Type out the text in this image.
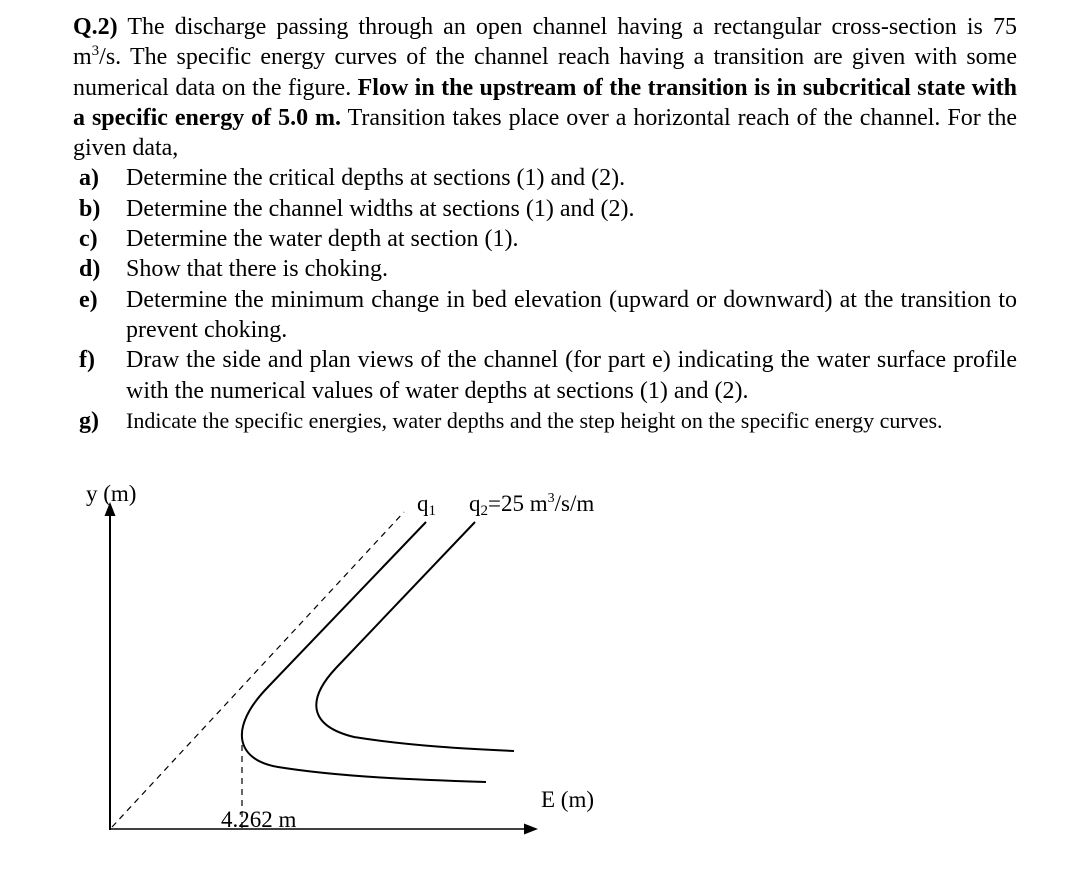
Q.2) The discharge passing through an open channel having a rectangular cross-section is 75 $m^3/s$. The specific energy curves of the channel reach having a transition are given with some numerical data on the figure. Flow in the upstream of the transition is in subcritical state with a specific energy of 5.0 m. Transition takes place over a horizontal reach of the channel. For the given data,

a) Determine the critical depths at sections (1) and (2).
b) Determine the channel widths at sections (1) and (2).
c) Determine the water depth at section (1).
d) Show that there is choking.
e) Determine the minimum change in bed elevation (upward or downward) at the transition to prevent choking.
f) Draw the side and plan views of the channel (for part e) indicating the water surface profile with the numerical values of water depths at sections (1) and (2).
g) Indicate the specific energies, water depths and the step height on the specific energy curves.
y (m)
E (m)
4.262 m
q1 q2=25 $m^3/s/m$
